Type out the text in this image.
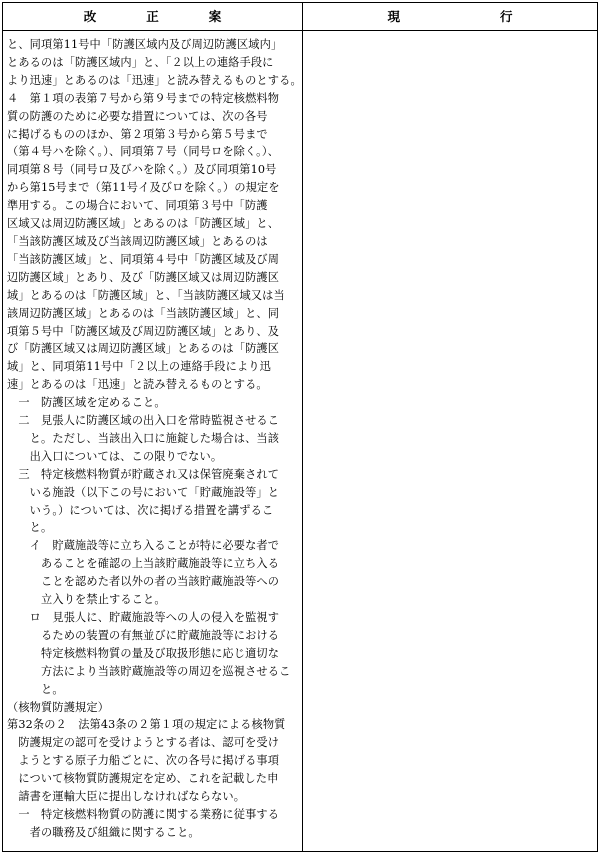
改　　　　正　　　　案	現　　　　　　　　行

と、同項第11号中「防護区域内及び周辺防護区域内」

とあるのは「防護区域内」と、「２以上の連絡手段に

より迅速」とあるのは「迅速」と読み替えるものとする。

４　第１項の表第７号から第９号までの特定核燃料物

質の防護のために必要な措置については、次の各号

に掲げるもののほか、第２項第３号から第５号まで

（第４号ハを除く。）、同項第７号（同号ロを除く。）、

同項第８号（同号ロ及びハを除く。）及び同項第10号

から第15号まで（第11号イ及びロを除く。）の規定を

準用する。この場合において、同項第３号中「防護

区域又は周辺防護区域」とあるのは「防護区域」と、

「当該防護区域及び当該周辺防護区域」とあるのは

「当該防護区域」と、同項第４号中「防護区域及び周

辺防護区域」とあり、及び「防護区域又は周辺防護区

域」とあるのは「防護区域」と、「当該防護区域又は当

該周辺防護区域」とあるのは「当該防護区域」と、同

項第５号中「防護区域及び周辺防護区域」とあり、及

び「防護区域又は周辺防護区域」とあるのは「防護区

域」と、同項第11号中「２以上の連絡手段により迅

速」とあるのは「迅速」と読み替えるものとする。

　一　防護区域を定めること。

　二　見張人に防護区域の出入口を常時監視させるこ

　　と。ただし、当該出入口に施錠した場合は、当該

　　出入口については、この限りでない。

　三　特定核燃料物質が貯蔵され又は保管廃棄されて

　　いる施設（以下この号において「貯蔵施設等」と

　　いう。）については、次に掲げる措置を講ずるこ

　　と。

　　イ　貯蔵施設等に立ち入ることが特に必要な者で

　　　あることを確認の上当該貯蔵施設等に立ち入る

　　　ことを認めた者以外の者の当該貯蔵施設等への

　　　立入りを禁止すること。

　　ロ　見張人に、貯蔵施設等への人の侵入を監視す

　　　るための装置の有無並びに貯蔵施設等における

　　　特定核燃料物質の量及び取扱形態に応じ適切な

　　　方法により当該貯蔵施設等の周辺を巡視させるこ

　　　と。

（核物質防護規定）

第32条の２　法第43条の２第１項の規定による核物質

　防護規定の認可を受けようとする者は、認可を受け

　ようとする原子力船ごとに、次の各号に掲げる事項

　について核物質防護規定を定め、これを記載した申

　請書を運輸大臣に提出しなければならない。

　一　特定核燃料物質の防護に関する業務に従事する

　　者の職務及び組織に関すること。
